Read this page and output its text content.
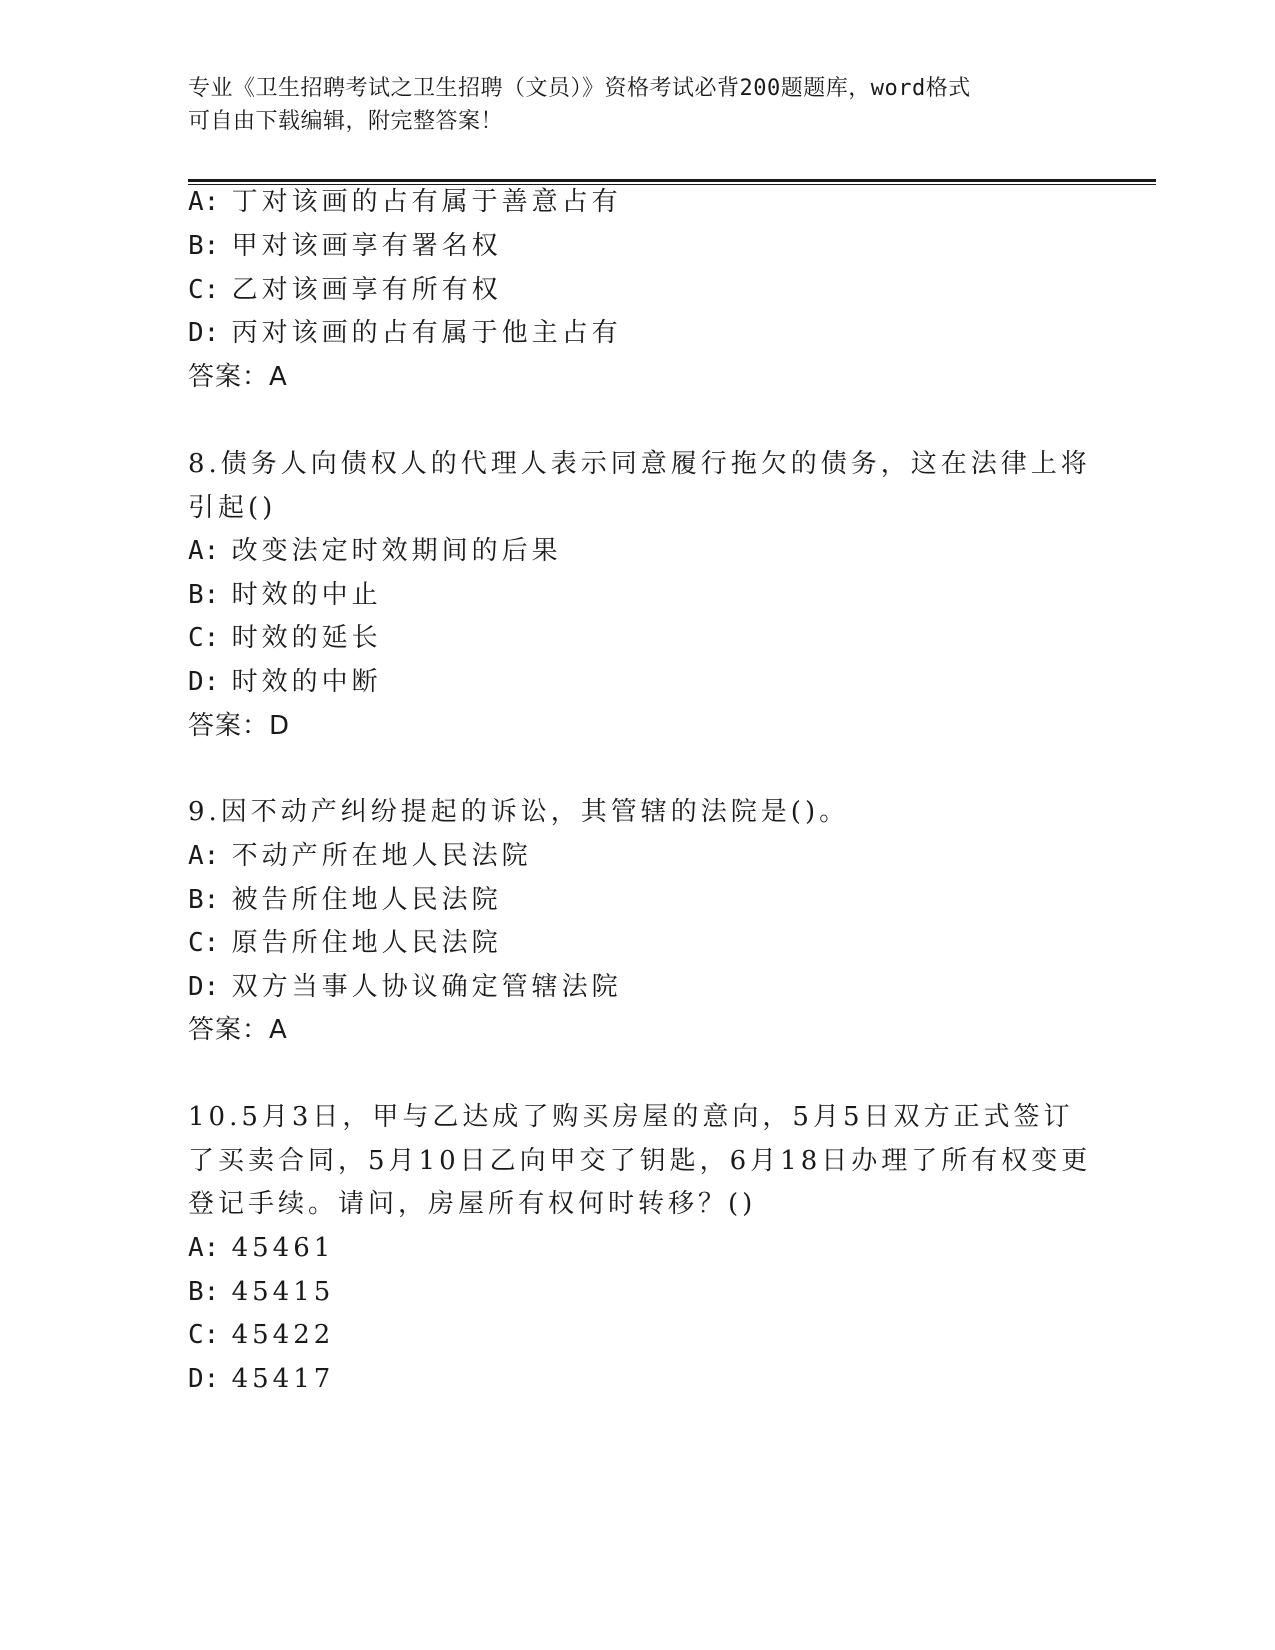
专业《卫生招聘考试之卫生招聘（文员）》资格考试必背200题题库，word格式
可自由下载编辑，附完整答案！
A: 丁对该画的占有属于善意占有
B: 甲对该画享有署名权
C: 乙对该画享有所有权
D: 丙对该画的占有属于他主占有
答案：A
8.债务人向债权人的代理人表示同意履行拖欠的债务，这在法律上将
引起()
A: 改变法定时效期间的后果
B: 时效的中止
C: 时效的延长
D: 时效的中断
答案：D
9.因不动产纠纷提起的诉讼，其管辖的法院是()。
A: 不动产所在地人民法院
B: 被告所住地人民法院
C: 原告所住地人民法院
D: 双方当事人协议确定管辖法院
答案：A
10.5月3日，甲与乙达成了购买房屋的意向，5月5日双方正式签订
了买卖合同，5月10日乙向甲交了钥匙，6月18日办理了所有权变更
登记手续。请问，房屋所有权何时转移？()
A: 45461
B: 45415
C: 45422
D: 45417
